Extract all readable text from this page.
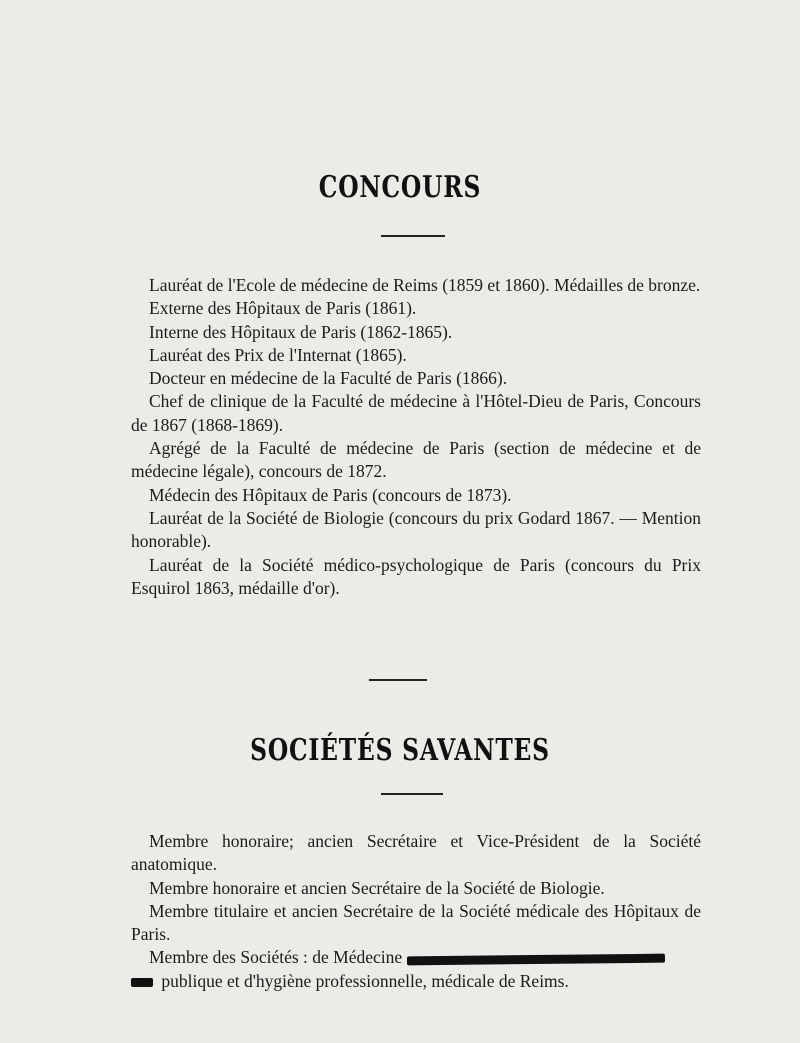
CONCOURS

Lauréat de l'Ecole de médecine de Reims (1859 et 1860). Médailles de bronze.

Externe des Hôpitaux de Paris (1861).

Interne des Hôpitaux de Paris (1862-1865).

Lauréat des Prix de l'Internat (1865).

Docteur en médecine de la Faculté de Paris (1866).

Chef de clinique de la Faculté de médecine à l'Hôtel-Dieu de Paris, Concours de 1867 (1868-1869).

Agrégé de la Faculté de médecine de Paris (section de médecine et de médecine légale), concours de 1872.

Médecin des Hôpitaux de Paris (concours de 1873).

Lauréat de la Société de Biologie (concours du prix Godard 1867. — Mention honorable).

Lauréat de la Société médico-psychologique de Paris (concours du Prix Esquirol 1863, médaille d'or).

SOCIÉTÉS SAVANTES

Membre honoraire; ancien Secrétaire et Vice-Président de la Société anatomique.

Membre honoraire et ancien Secrétaire de la Société de Biologie.

Membre titulaire et ancien Secrétaire de la Société médicale des Hôpitaux de Paris.

Membre des Sociétés : de Médecine
publique et d'hygiène professionnelle, médicale de Reims.
